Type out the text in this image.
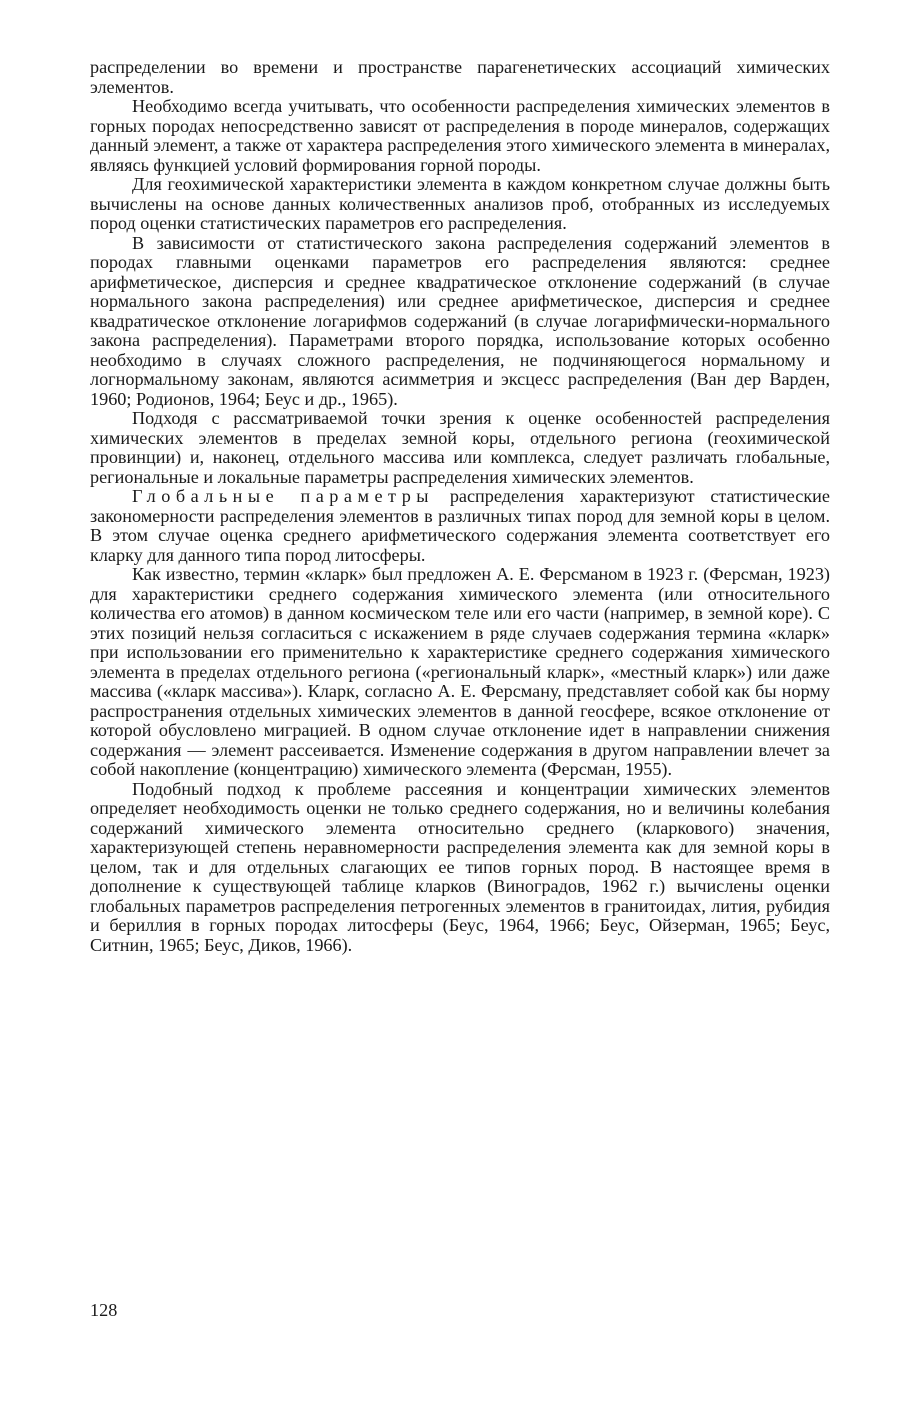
распределении во времени и пространстве парагенетических ассоциаций химических элементов.

Необходимо всегда учитывать, что особенности распределения химических элементов в горных породах непосредственно зависят от распределения в породе минералов, содержащих данный элемент, а также от характера распределения этого химического элемента в минералах, являясь функцией условий формирования горной породы.

Для геохимической характеристики элемента в каждом конкретном случае должны быть вычислены на основе данных количественных анализов проб, отобранных из исследуемых пород оценки статистических параметров его распределения.

В зависимости от статистического закона распределения содержаний элементов в породах главными оценками параметров его распределения являются: среднее арифметическое, дисперсия и среднее квадратическое отклонение содержаний (в случае нормального закона распределения) или среднее арифметическое, дисперсия и среднее квадратическое отклонение логарифмов содержаний (в случае логарифмически-нормального закона распределения). Параметрами второго порядка, использование которых особенно необходимо в случаях сложного распределения, не подчиняющегося нормальному и логнормальному законам, являются асимметрия и эксцесс распределения (Ван дер Варден, 1960; Родионов, 1964; Беус и др., 1965).

Подходя с рассматриваемой точки зрения к оценке особенностей распределения химических элементов в пределах земной коры, отдельного региона (геохимической провинции) и, наконец, отдельного массива или комплекса, следует различать глобальные, региональные и локальные параметры распределения химических элементов.

Глобальные параметры распределения характеризуют статистические закономерности распределения элементов в различных типах пород для земной коры в целом. В этом случае оценка среднего арифметического содержания элемента соответствует его кларку для данного типа пород литосферы.

Как известно, термин «кларк» был предложен А. Е. Ферсманом в 1923 г. (Ферсман, 1923) для характеристики среднего содержания химического элемента (или относительного количества его атомов) в данном космическом теле или его части (например, в земной коре). С этих позиций нельзя согласиться с искажением в ряде случаев содержания термина «кларк» при использовании его применительно к характеристике среднего содержания химического элемента в пределах отдельного региона («региональный кларк», «местный кларк») или даже массива («кларк массива»). Кларк, согласно А. Е. Ферсману, представляет собой как бы норму распространения отдельных химических элементов в данной геосфере, всякое отклонение от которой обусловлено миграцией. В одном случае отклонение идет в направлении снижения содержания — элемент рассеивается. Изменение содержания в другом направлении влечет за собой накопление (концентрацию) химического элемента (Ферсман, 1955).

Подобный подход к проблеме рассеяния и концентрации химических элементов определяет необходимость оценки не только среднего содержания, но и величины колебания содержаний химического элемента относительно среднего (кларкового) значения, характеризующей степень неравномерности распределения элемента как для земной коры в целом, так и для отдельных слагающих ее типов горных пород. В настоящее время в дополнение к существующей таблице кларков (Виноградов, 1962 г.) вычислены оценки глобальных параметров распределения петрогенных элементов в гранитоидах, лития, рубидия и бериллия в горных породах литосферы (Беус, 1964, 1966; Беус, Ойзерман, 1965; Беус, Ситнин, 1965; Беус, Диков, 1966).

128
